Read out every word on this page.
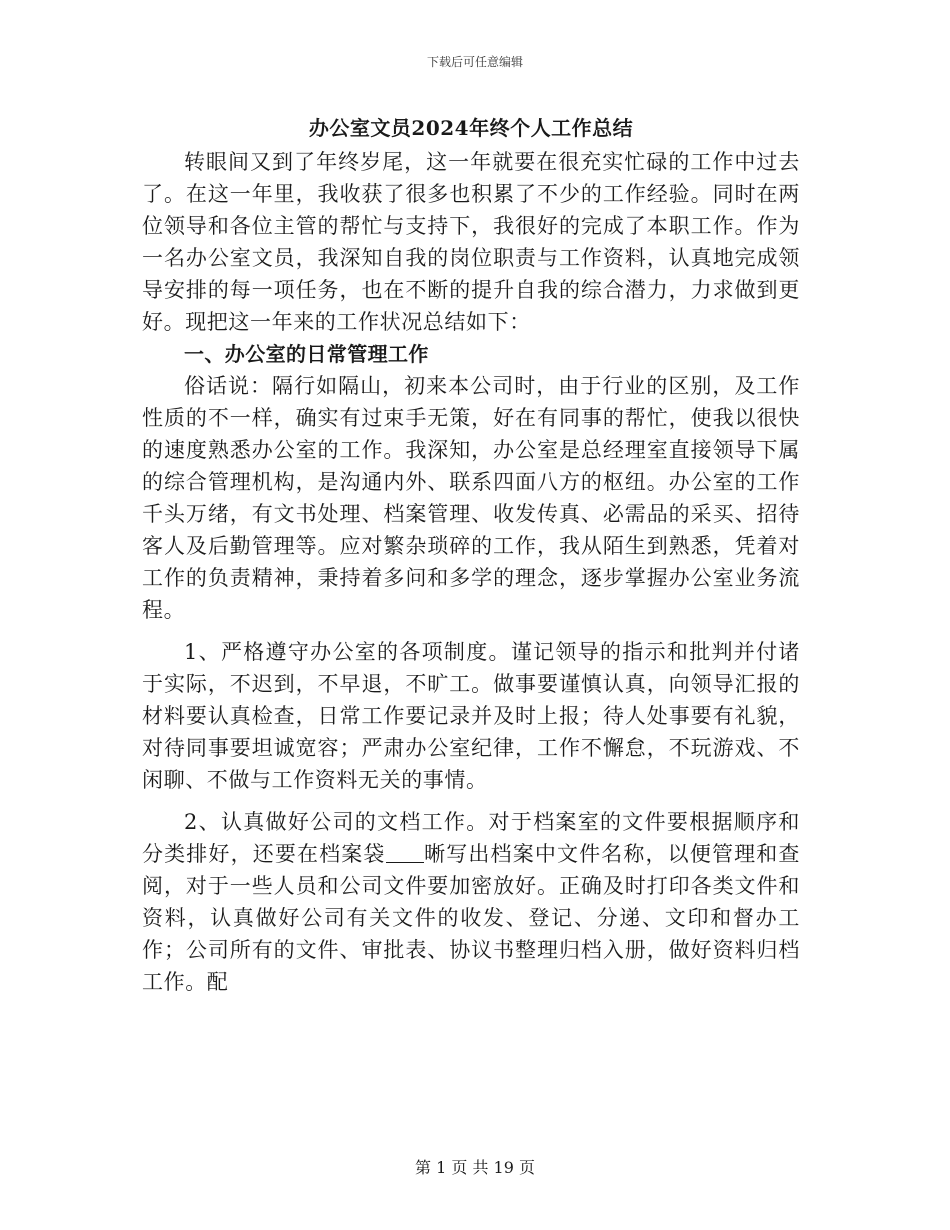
下载后可任意编辑
办公室文员2024年终个人工作总结

转眼间又到了年终岁尾，这一年就要在很充实忙碌的工作中过去了。在这一年里，我收获了很多也积累了不少的工作经验。同时在两位领导和各位主管的帮忙与支持下，我很好的完成了本职工作。作为一名办公室文员，我深知自我的岗位职责与工作资料，认真地完成领导安排的每一项任务，也在不断的提升自我的综合潜力，力求做到更好。现把这一年来的工作状况总结如下：

一、办公室的日常管理工作

俗话说：隔行如隔山，初来本公司时，由于行业的区别，及工作性质的不一样，确实有过束手无策，好在有同事的帮忙，使我以很快的速度熟悉办公室的工作。我深知，办公室是总经理室直接领导下属的综合管理机构，是沟通内外、联系四面八方的枢纽。办公室的工作千头万绪，有文书处理、档案管理、收发传真、必需品的采买、招待客人及后勤管理等。应对繁杂琐碎的工作，我从陌生到熟悉，凭着对工作的负责精神，秉持着多问和多学的理念，逐步掌握办公室业务流程。

1、严格遵守办公室的各项制度。谨记领导的指示和批判并付诸于实际，不迟到，不早退，不旷工。做事要谨慎认真，向领导汇报的材料要认真检查，日常工作要记录并及时上报；待人处事要有礼貌，对待同事要坦诚宽容；严肃办公室纪律，工作不懈怠，不玩游戏、不闲聊、不做与工作资料无关的事情。

2、认真做好公司的文档工作。对于档案室的文件要根据顺序和分类排好，还要在档案袋 晰写出档案中文件名称，以便管理和查阅，对于一些人员和公司文件要加密放好。正确及时打印各类文件和资料，认真做好公司有关文件的收发、登记、分递、文印和督办工作；公司所有的文件、审批表、协议书整理归档入册，做好资料归档工作。配

第 1 页 共 19 页
